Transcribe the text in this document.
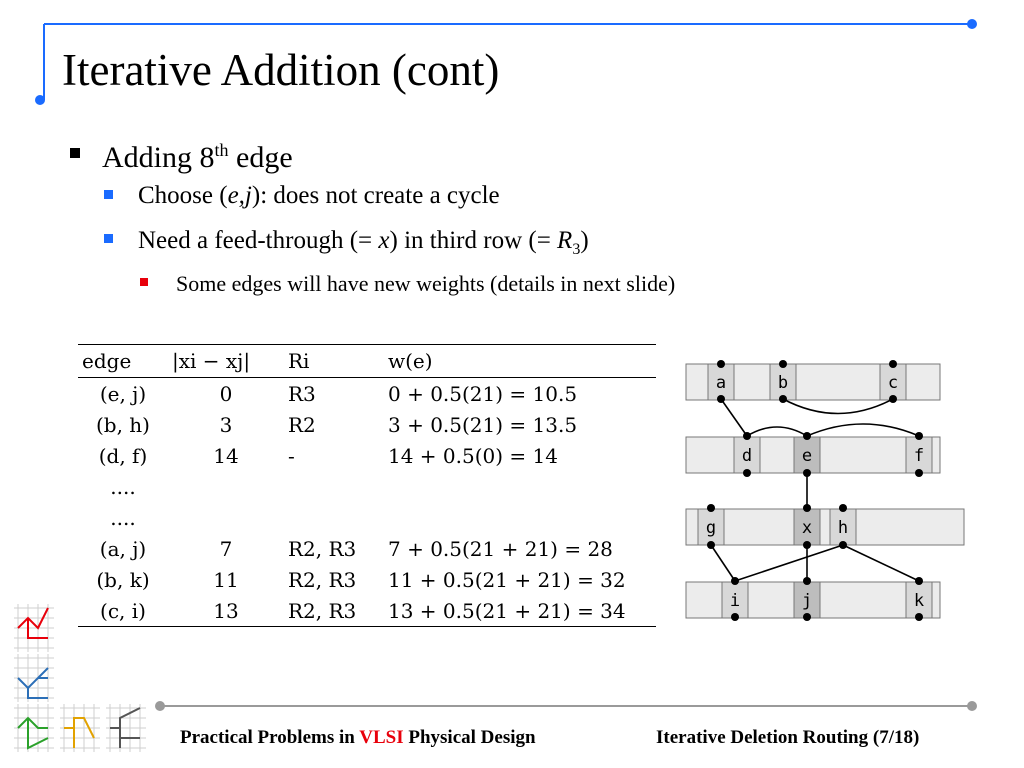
Iterative Addition (cont)
Adding 8th edge
Choose (e,j): does not create a cycle
Need a feed-through (= x) in third row (= $R_3$)
Some edges will have new weights (details in next slide)
edge	|xi − xj|	Ri	w(e)
(e, j)	0	R3	0 + 0.5(21) = 10.5
(b, h)	3	R2	3 + 0.5(21) = 13.5
(d, f)	14	-	14 + 0.5(0) = 14
....			
....			
(a, j)	7	R2, R3	7 + 0.5(21 + 21) = 28
(b, k)	11	R2, R3	11 + 0.5(21 + 21) = 32
(c, i)	13	R2, R3	13 + 0.5(21 + 21) = 34
a	b	c
d	e	f
g	x h
i	j	k
Practical Problems in VLSI Physical Design	Iterative Deletion Routing (7/18)
